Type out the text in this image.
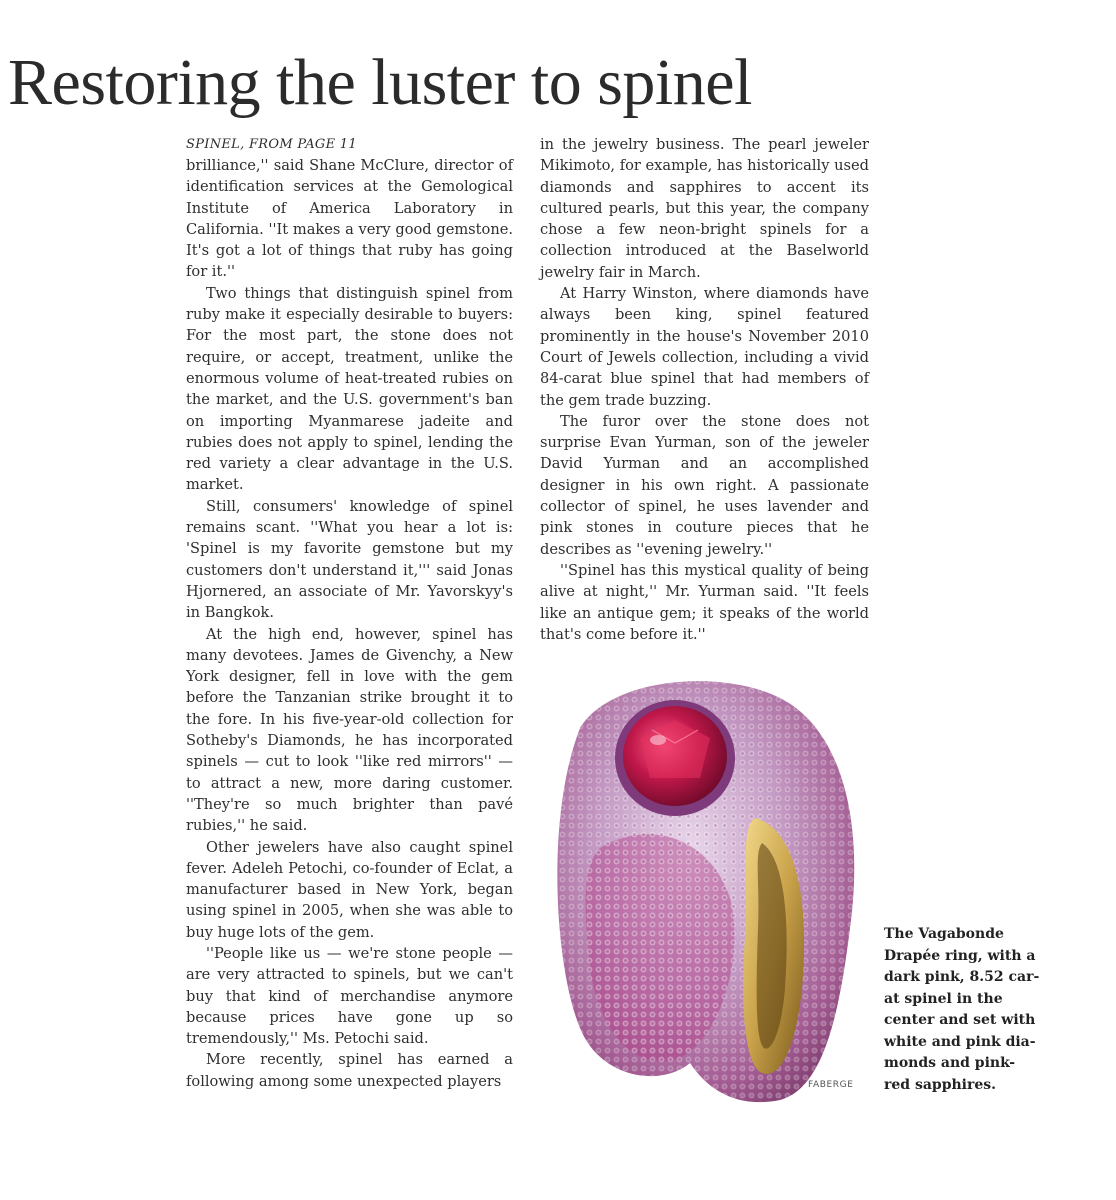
Restoring the luster to spinel
SPINEL, FROM PAGE 11

brilliance,'' said Shane McClure, director of identification services at the Gemological Institute of America Laboratory in California. ''It makes a very good gemstone. It's got a lot of things that ruby has going for it.''

Two things that distinguish spinel from ruby make it especially desirable to buyers: For the most part, the stone does not require, or accept, treatment, unlike the enormous volume of heat-treated rubies on the market, and the U.S. government's ban on importing Myanmarese jadeite and rubies does not apply to spinel, lending the red variety a clear advantage in the U.S. market.

Still, consumers' knowledge of spinel remains scant. ''What you hear a lot is: 'Spinel is my favorite gemstone but my customers don't understand it,''' said Jonas Hjornered, an associate of Mr. Yavorskyy's in Bangkok.

At the high end, however, spinel has many devotees. James de Givenchy, a New York designer, fell in love with the gem before the Tanzanian strike brought it to the fore. In his five-year-old collection for Sotheby's Diamonds, he has incorporated spinels — cut to look ''like red mirrors'' — to attract a new, more daring customer. ''They're so much brighter than pavé rubies,'' he said.

Other jewelers have also caught spinel fever. Adeleh Petochi, co-founder of Eclat, a manufacturer based in New York, began using spinel in 2005, when she was able to buy huge lots of the gem.

''People like us — we're stone people — are very attracted to spinels, but we can't buy that kind of merchandise anymore because prices have gone up so tremendously,'' Ms. Petochi said.

More recently, spinel has earned a following among some unexpected players

in the jewelry business. The pearl jeweler Mikimoto, for example, has historically used diamonds and sapphires to accent its cultured pearls, but this year, the company chose a few neon-bright spinels for a collection introduced at the Baselworld jewelry fair in March.

At Harry Winston, where diamonds have always been king, spinel featured prominently in the house's November 2010 Court of Jewels collection, including a vivid 84-carat blue spinel that had members of the gem trade buzzing.

The furor over the stone does not surprise Evan Yurman, son of the jeweler David Yurman and an accomplished designer in his own right. A passionate collector of spinel, he uses lavender and pink stones in couture pieces that he describes as ''evening jewelry.''

''Spinel has this mystical quality of being alive at night,'' Mr. Yurman said. ''It feels like an antique gem; it speaks of the world that's come before it.''

FABERGE
The Vagabonde
Drapée ring, with a
dark pink, 8.52 car-
at spinel in the
center and set with
white and pink dia-
monds and pink-
red sapphires.
